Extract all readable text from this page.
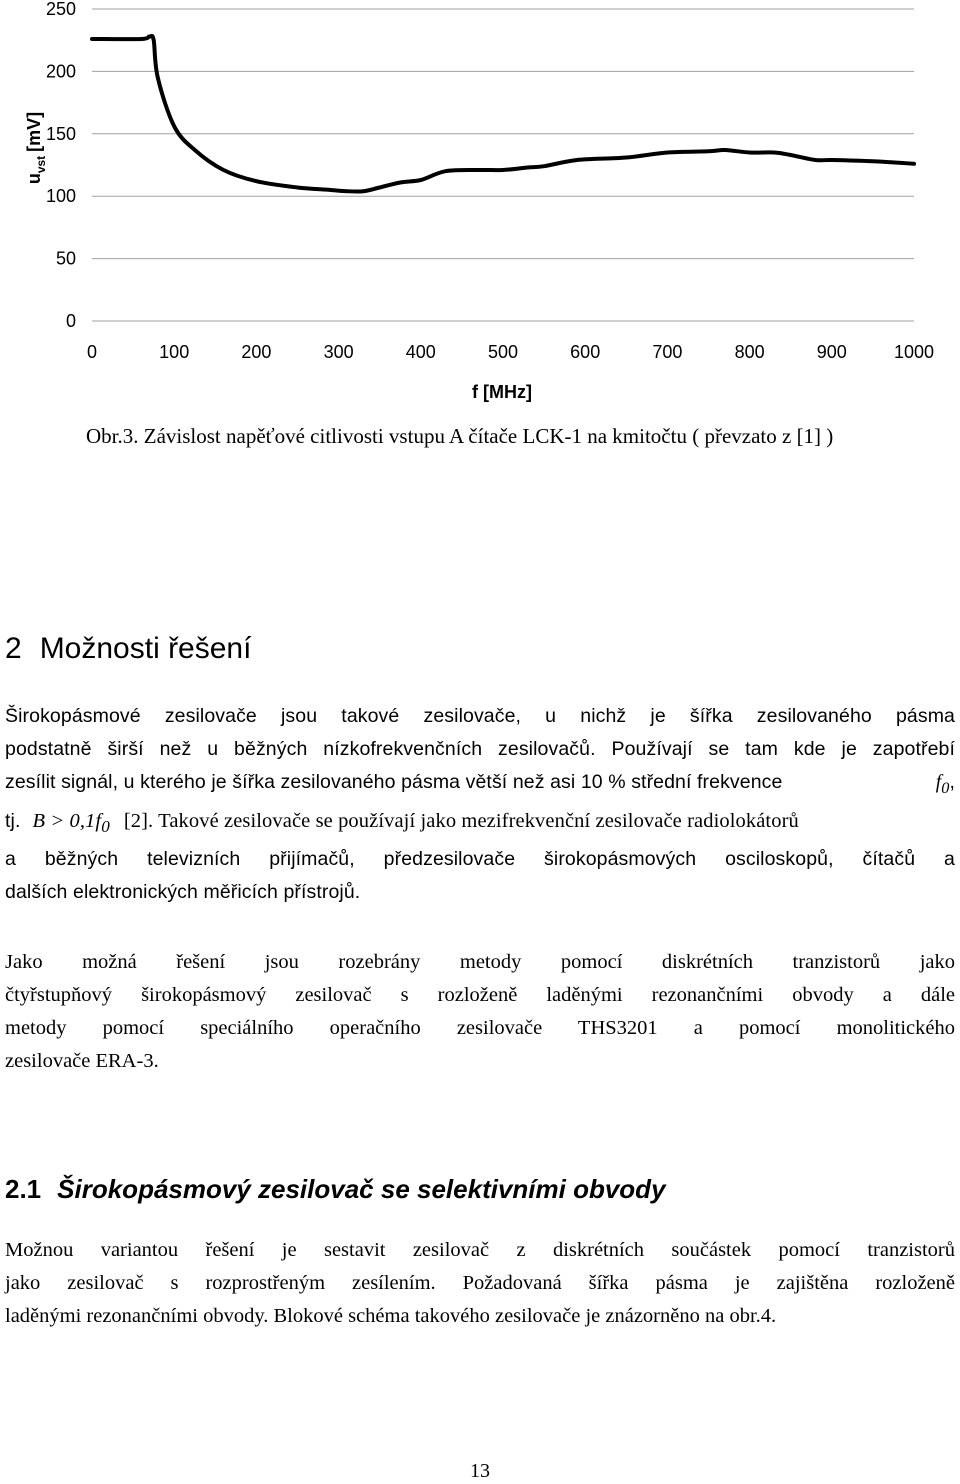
0
50
100
150
200
250
0	100	200	300	400	500	600	700	800	900	1000
f [MHz]
$u_{vst}[mV]$
Obr.3. Závislost napěťové citlivosti vstupu A čítače LCK-1 na kmitočtu ( převzato z [1] )
2 Možnosti řešení
Širokopásmové zesilovače jsou takové zesilovače, u nichž je šířka zesilovaného pásma
podstatně širší než u běžných nízkofrekvenčních zesilovačů. Používají se tam kde je zapotřebí
zesílit signál, u kterého je šířka zesilovaného pásma větší než asi 10 % střední frekvence	$f_0$,
tj. $B > 0,1f_0$ [2]. Takové zesilovače se používají jako mezifrekvenční zesilovače radiolokátorů
a běžných televizních přijímačů, předzesilovače širokopásmových osciloskopů, čítačů a
dalších elektronických měřicích přístrojů.
Jako možná řešení jsou rozebrány metody pomocí diskrétních tranzistorů jako
čtyřstupňový širokopásmový zesilovač s rozloženě laděnými rezonančními obvody a dále
metody pomocí speciálního operačního zesilovače THS3201 a pomocí monolitického
zesilovače ERA-3.
2.1 Širokopásmový zesilovač se selektivními obvody
Možnou variantou řešení je sestavit zesilovač z diskrétních součástek pomocí tranzistorů
jako zesilovač s rozprostřeným zesílením. Požadovaná šířka pásma je zajištěna rozloženě
laděnými rezonančními obvody. Blokové schéma takového zesilovače je znázorněno na obr.4.
13
